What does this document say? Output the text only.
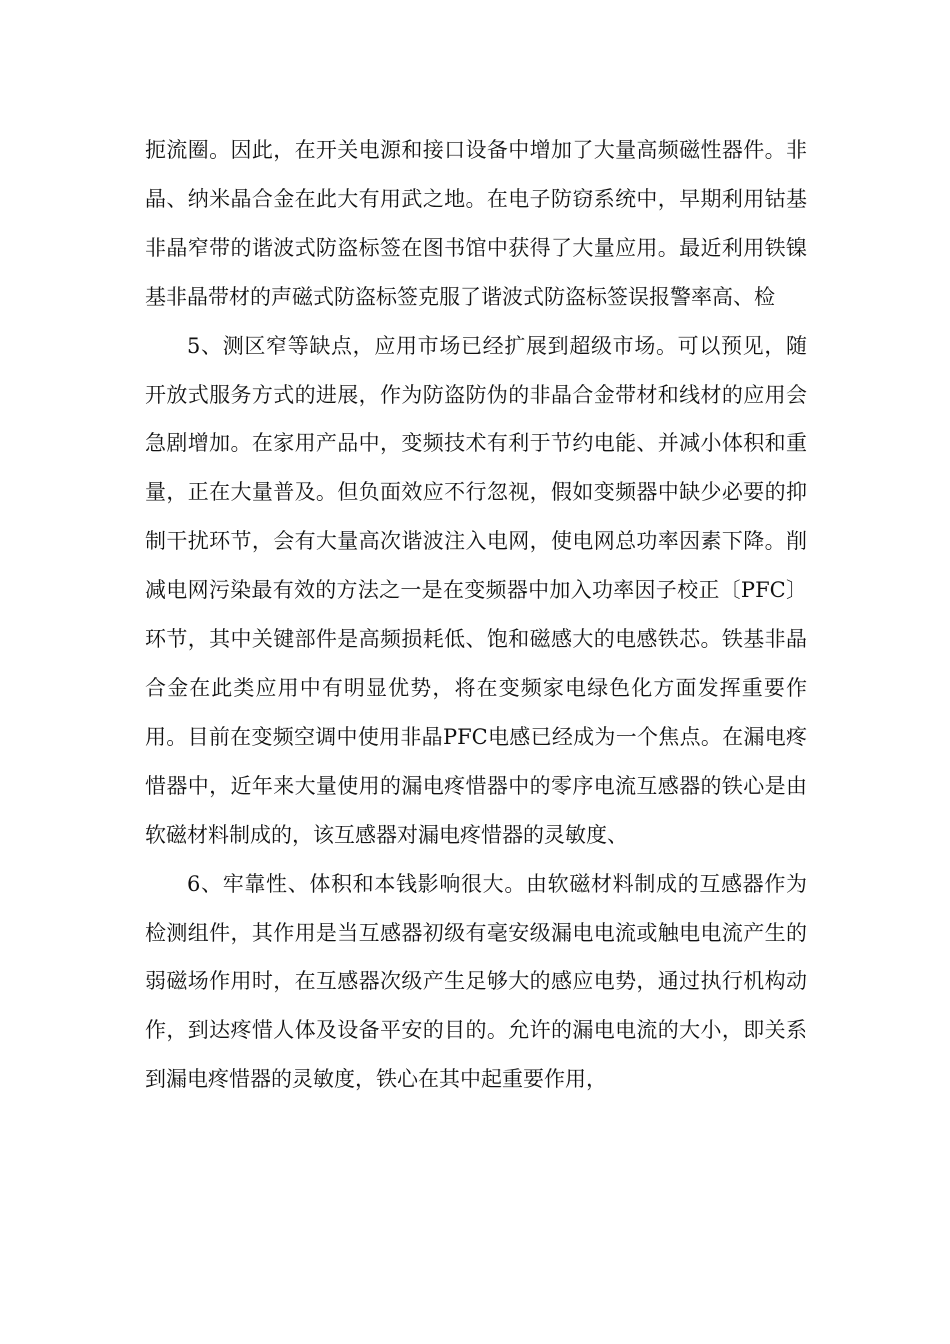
扼流圈。因此，在开关电源和接口设备中增加了大量高频磁性器件。非晶、纳米晶合金在此大有用武之地。在电子防窃系统中，早期利用钴基非晶窄带的谐波式防盗标签在图书馆中获得了大量应用。最近利用铁镍基非晶带材的声磁式防盗标签克服了谐波式防盗标签误报警率高、检

5、测区窄等缺点，应用市场已经扩展到超级市场。可以预见，随开放式服务方式的进展，作为防盗防伪的非晶合金带材和线材的应用会急剧增加。在家用产品中，变频技术有利于节约电能、并减小体积和重量，正在大量普及。但负面效应不行忽视，假如变频器中缺少必要的抑制干扰环节，会有大量高次谐波注入电网，使电网总功率因素下降。削减电网污染最有效的方法之一是在变频器中加入功率因子校正〔PFC〕环节，其中关键部件是高频损耗低、饱和磁感大的电感铁芯。铁基非晶合金在此类应用中有明显优势，将在变频家电绿色化方面发挥重要作用。目前在变频空调中使用非晶PFC电感已经成为一个焦点。在漏电疼惜器中，近年来大量使用的漏电疼惜器中的零序电流互感器的铁心是由软磁材料制成的，该互感器对漏电疼惜器的灵敏度、

6、牢靠性、体积和本钱影响很大。由软磁材料制成的互感器作为检测组件，其作用是当互感器初级有毫安级漏电电流或触电电流产生的弱磁场作用时，在互感器次级产生足够大的感应电势，通过执行机构动作，到达疼惜人体及设备平安的目的。允许的漏电电流的大小，即关系到漏电疼惜器的灵敏度，铁心在其中起重要作用，
